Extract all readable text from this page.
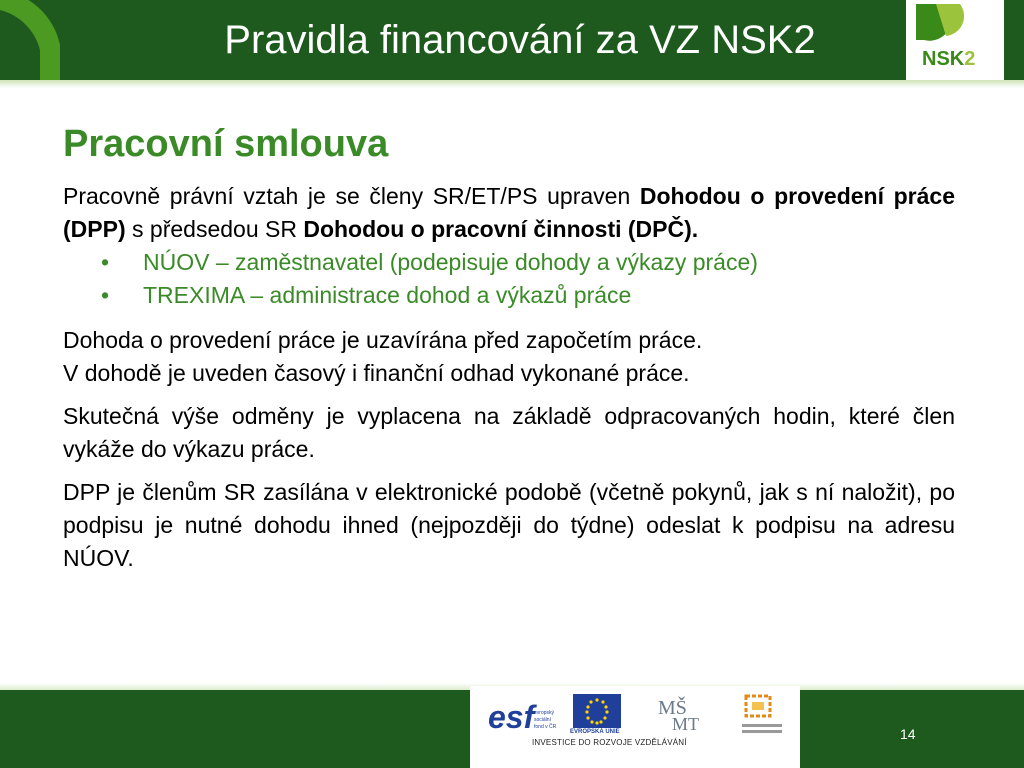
Pravidla financování za VZ NSK2	NSK2
Pracovní smlouva

Pracovně právní vztah je se členy SR/ET/PS upraven Dohodou o provedení práce (DPP) s předsedou SR Dohodou o pracovní činnosti (DPČ).

• NÚOV – zaměstnavatel (podepisuje dohody a výkazy práce)
• TREXIMA – administrace dohod a výkazů práce

Dohoda o provedení práce je uzavírána před započetím práce.
V dohodě je uveden časový i finanční odhad vykonané práce.

Skutečná výše odměny je vyplacena na základě odpracovaných hodin, které člen vykáže do výkazu práce.

DPP je členům SR zasílána v elektronické podobě (včetně pokynů, jak s ní naložit), po podpisu je nutné dohodu ihned (nejpozději do týdne) odeslat k podpisu na adresu NÚOV.

esf evropský
sociální
fond v ČR
EVROPSKÁ UNIE
MŠ
MT
INVESTICE DO ROZVOJE VZDĚLÁVÁNÍ
14
